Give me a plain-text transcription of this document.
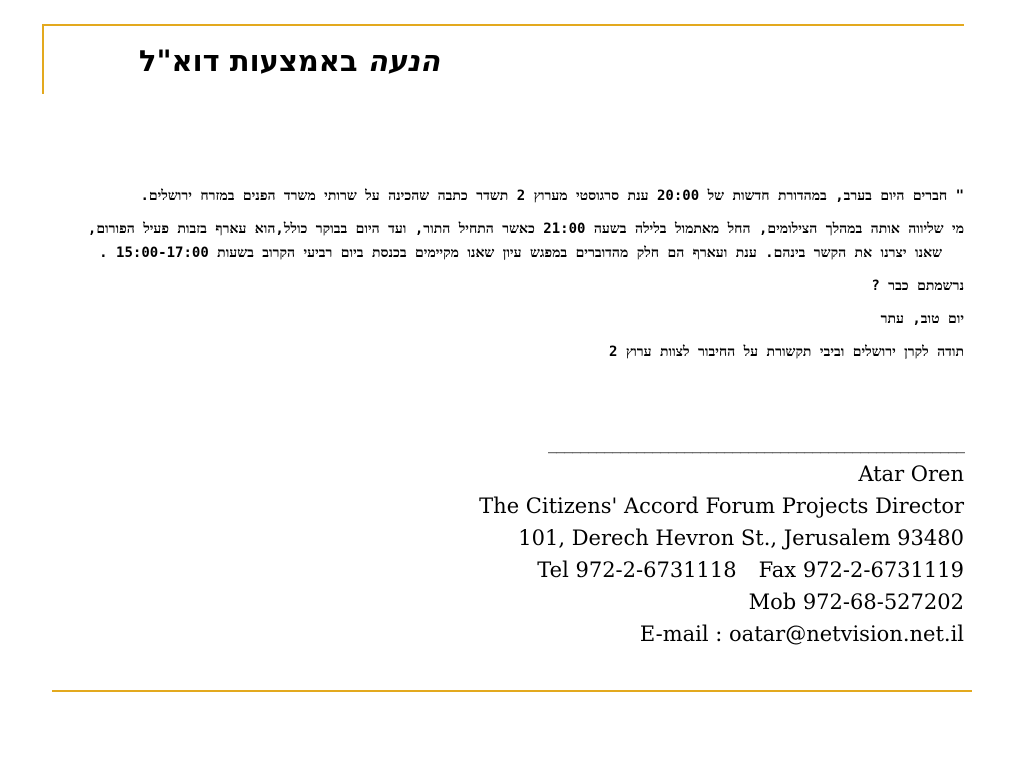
הנעה באמצעות דוא"ל

" חברים היום בערב, במהדורת חדשות של 20:00 ענת סרגוסטי מערוץ 2 תשדר כתבה שהכינה על שרותי משרד הפנים במזרח ירושלים.

מי שליווה אותה במהלך הצילומים, החל מאתמול בלילה בשעה 21:00 כאשר התחיל התור, ועד היום בבוקר כולל,הוא עארף בזבות פעיל הפורום, שאנו יצרנו את הקשר בינהם. ענת ועארף הם חלק מהדוברים במפגש עיון שאנו מקיימים בכנסת ביום רביעי הקרוב בשעות 15:00-17:00 .

נרשמתם כבר ?

יום טוב, עתר

תודה לקרן ירושלים וביבי תקשורת על החיבור לצוות ערוץ 2

____________________________________________________
Atar Oren
The Citizens' Accord Forum Projects Director
101, Derech Hevron St., Jerusalem 93480
Tel 972-2-6731118 Fax 972-2-6731119
Mob 972-68-527202
E-mail : oatar@netvision.net.il
